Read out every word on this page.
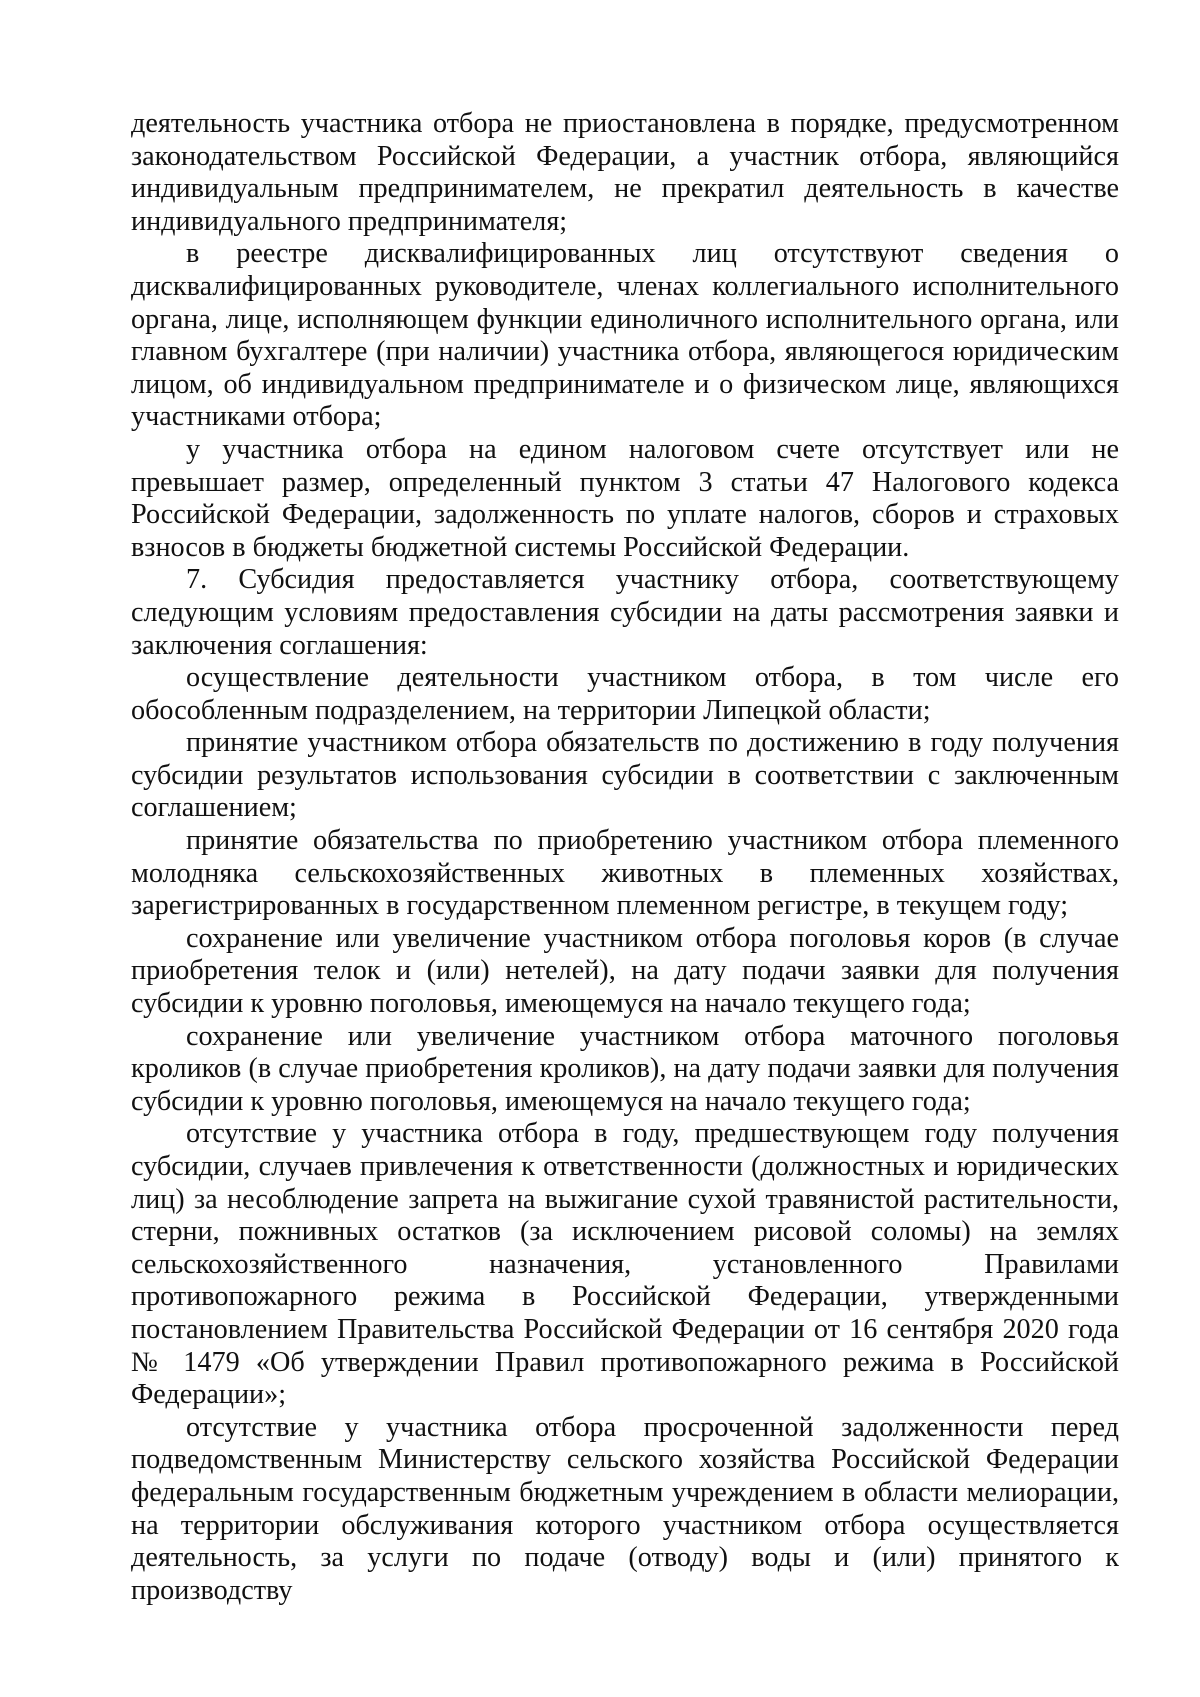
деятельность участника отбора не приостановлена в порядке, предусмотренном законодательством Российской Федерации, а участник отбора, являющийся индивидуальным предпринимателем, не прекратил деятельность в качестве индивидуального предпринимателя;

в реестре дисквалифицированных лиц отсутствуют сведения о дисквалифицированных руководителе, членах коллегиального исполнительного органа, лице, исполняющем функции единоличного исполнительного органа, или главном бухгалтере (при наличии) участника отбора, являющегося юридическим лицом, об индивидуальном предпринимателе и о физическом лице, являющихся участниками отбора;

у участника отбора на едином налоговом счете отсутствует или не превышает размер, определенный пунктом 3 статьи 47 Налогового кодекса Российской Федерации, задолженность по уплате налогов, сборов и страховых взносов в бюджеты бюджетной системы Российской Федерации.

7. Субсидия предоставляется участнику отбора, соответствующему следующим условиям предоставления субсидии на даты рассмотрения заявки и заключения соглашения:

осуществление деятельности участником отбора, в том числе его обособленным подразделением, на территории Липецкой области;

принятие участником отбора обязательств по достижению в году получения субсидии результатов использования субсидии в соответствии с заключенным соглашением;

принятие обязательства по приобретению участником отбора племенного молодняка сельскохозяйственных животных в племенных хозяйствах, зарегистрированных в государственном племенном регистре, в текущем году;

сохранение или увеличение участником отбора поголовья коров (в случае приобретения телок и (или) нетелей), на дату подачи заявки для получения субсидии к уровню поголовья, имеющемуся на начало текущего года;

сохранение или увеличение участником отбора маточного поголовья кроликов (в случае приобретения кроликов), на дату подачи заявки для получения субсидии к уровню поголовья, имеющемуся на начало текущего года;

отсутствие у участника отбора в году, предшествующем году получения субсидии, случаев привлечения к ответственности (должностных и юридических лиц) за несоблюдение запрета на выжигание сухой травянистой растительности, стерни, пожнивных остатков (за исключением рисовой соломы) на землях сельскохозяйственного назначения, установленного Правилами противопожарного режима в Российской Федерации, утвержденными постановлением Правительства Российской Федерации от 16 сентября 2020 года № 1479 «Об утверждении Правил противопожарного режима в Российской Федерации»;

отсутствие у участника отбора просроченной задолженности перед подведомственным Министерству сельского хозяйства Российской Федерации федеральным государственным бюджетным учреждением в области мелиорации, на территории обслуживания которого участником отбора осуществляется деятельность, за услуги по подаче (отводу) воды и (или) принятого к производству
